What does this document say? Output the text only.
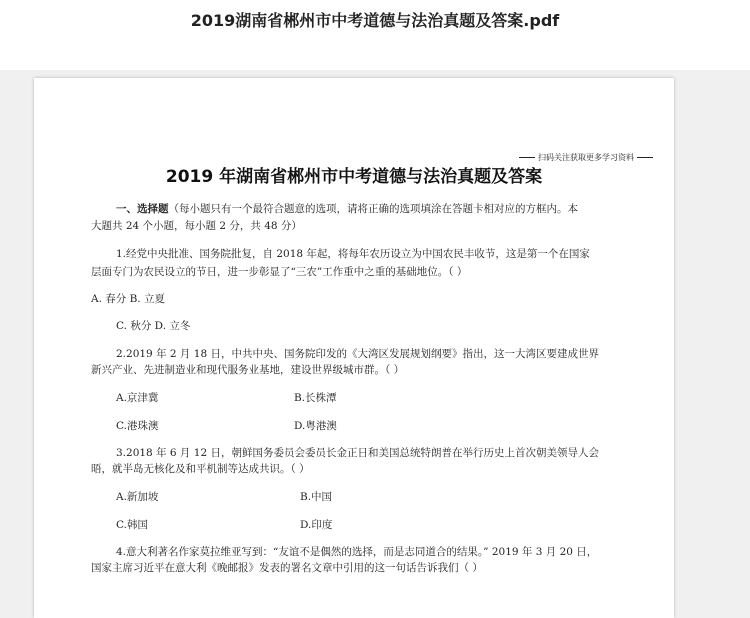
2019湖南省郴州市中考道德与法治真题及答案.pdf
扫码关注获取更多学习资料
2019 年湖南省郴州市中考道德与法治真题及答案
一、选择题（每小题只有一个最符合题意的选项，请将正确的选项填涂在答题卡相对应的方框内。本
大题共 24 个小题，每小题 2 分，共 48 分）
1.经党中央批准、国务院批复，自 2018 年起，将每年农历设立为中国农民丰收节，这是第一个在国家
层面专门为农民设立的节日，进一步彰显了“三农”工作重中之重的基础地位。（ ）
A. 春分 B. 立夏
C. 秋分 D. 立冬
2.2019 年 2 月 18 日，中共中央、国务院印发的《大湾区发展规划纲要》指出，这一大湾区要建成世界
新兴产业、先进制造业和现代服务业基地，建设世界级城市群。（ ）
A.京津冀	B.长株潭
C.港珠澳	D.粤港澳
3.2018 年 6 月 12 日，朝鲜国务委员会委员长金正日和美国总统特朗普在举行历史上首次朝美领导人会
晤，就半岛无核化及和平机制等达成共识。（ ）
A.新加坡	B.中国
C.韩国	D.印度
4.意大利著名作家莫拉维亚写到：“友谊不是偶然的选择，而是志同道合的结果。” 2019 年 3 月 20 日，
国家主席习近平在意大利《晚邮报》发表的署名文章中引用的这一句话告诉我们（ ）
